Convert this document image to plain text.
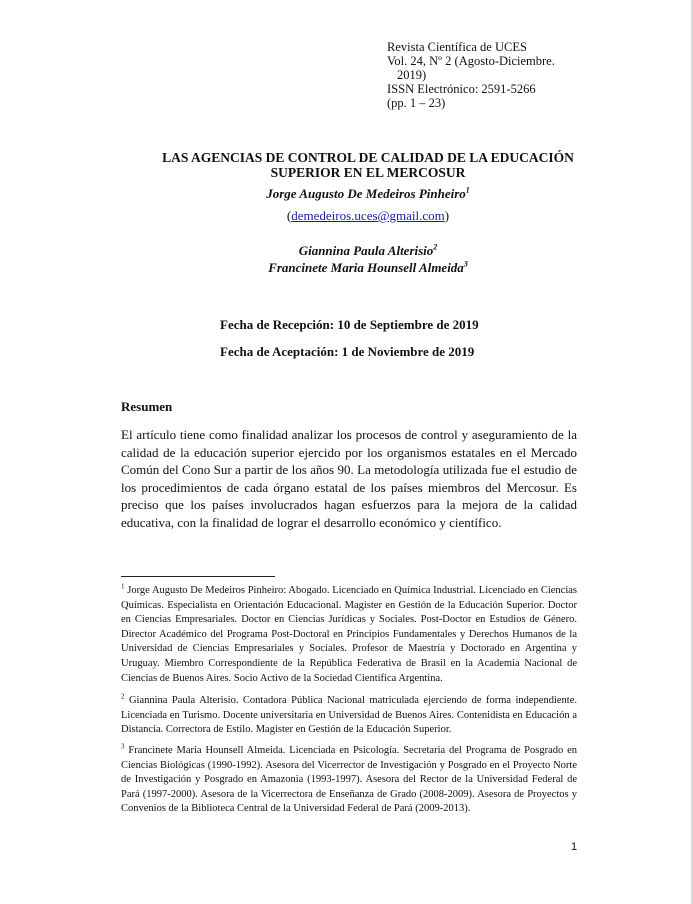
Revista Científica de UCES
Vol. 24, Nº 2 (Agosto-Diciembre.
2019)
ISSN Electrónico: 2591-5266
(pp. 1 – 23)
LAS AGENCIAS DE CONTROL DE CALIDAD DE LA EDUCACIÓN
SUPERIOR EN EL MERCOSUR
Jorge Augusto De Medeiros Pinheiro$^1$
(demedeiros.uces@gmail.com)
Giannina Paula Alterisio$^2$
Francinete Maria Hounsell Almeida$^3$
Fecha de Recepción: 10 de Septiembre de 2019
Fecha de Aceptación: 1 de Noviembre de 2019
Resumen
El artículo tiene como finalidad analizar los procesos de control y aseguramiento de la calidad de la educación superior ejercido por los organismos estatales en el Mercado Común del Cono Sur a partir de los años 90. La metodología utilizada fue el estudio de los procedimientos de cada órgano estatal de los países miembros del Mercosur. Es preciso que los países involucrados hagan esfuerzos para la mejora de la calidad educativa, con la finalidad de lograr el desarrollo económico y científico.
$^1$ Jorge Augusto De Medeiros Pinheiro: Abogado. Licenciado en Química Industrial. Licenciado en Ciencias Químicas. Especialista en Orientación Educacional. Magister en Gestión de la Educación Superior. Doctor en Ciencias Empresariales. Doctor en Ciencias Jurídicas y Sociales. Post-Doctor en Estudios de Género. Director Académico del Programa Post-Doctoral en Principios Fundamentales y Derechos Humanos de la Universidad de Ciencias Empresariales y Sociales. Profesor de Maestría y Doctorado en Argentina y Uruguay. Miembro Correspondiente de la República Federativa de Brasil en la Academia Nacional de Ciencias de Buenos Aires. Socio Activo de la Sociedad Científica Argentina.
$^2$ Giannina Paula Alterisio. Contadora Pública Nacional matriculada ejerciendo de forma independiente. Licenciada en Turismo. Docente universitaria en Universidad de Buenos Aires. Contenidista en Educación a Distancia. Correctora de Estilo. Magister en Gestión de la Educación Superior.
$^3$ Francinete Maria Hounsell Almeida. Licenciada en Psicología. Secretaria del Programa de Posgrado en Ciencias Biológicas (1990-1992). Asesora del Vicerrector de Investigación y Posgrado en el Proyecto Norte de Investigación y Posgrado en Amazonia (1993-1997). Asesora del Rector de la Universidad Federal de Pará (1997-2000). Asesora de la Vicerrectora de Enseñanza de Grado (2008-2009). Asesora de Proyectos y Convenios de la Biblioteca Central de la Universidad Federal de Pará (2009-2013).
1
